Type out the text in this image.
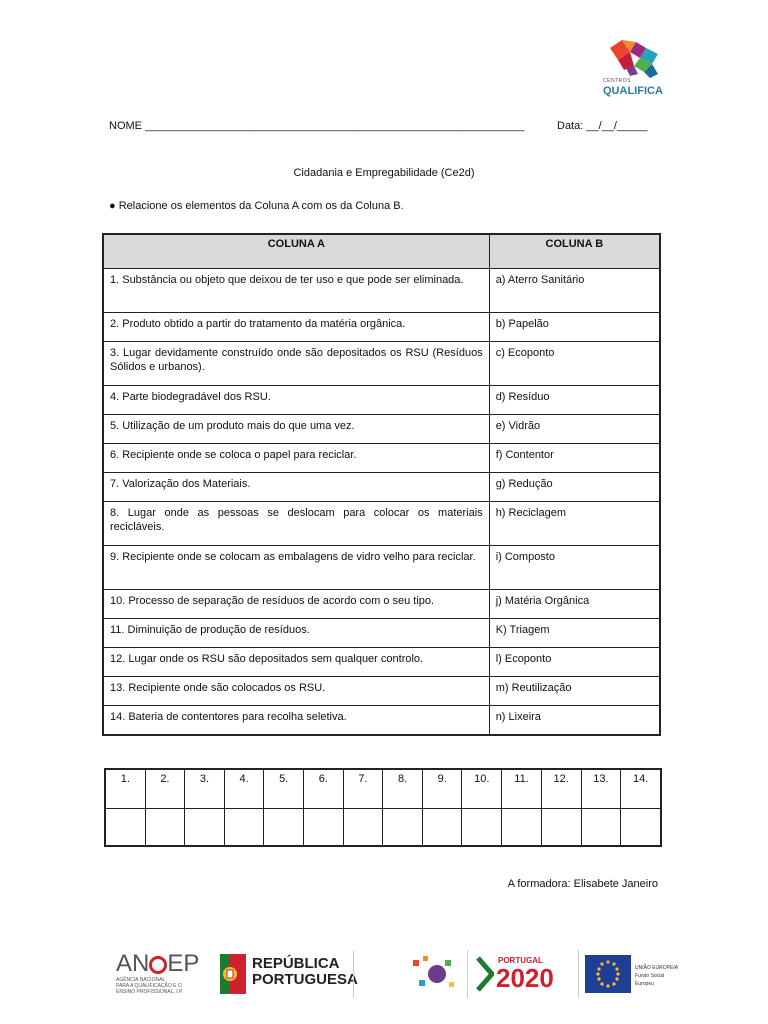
CENTROS
QUALIFICA
NOME ______________________________________________________________	Data: __/__/_____
Cidadania e Empregabilidade (Ce2d)
● Relacione os elementos da Coluna A com os da Coluna B.
COLUNA A	COLUNA B
1. Substância ou objeto que deixou de ter uso e que pode ser eliminada.	a) Aterro Sanitário
2. Produto obtido a partir do tratamento da matéria orgânica.	b) Papelão
3. Lugar devidamente construído onde são depositados os RSU (Resíduos Sólidos e urbanos).	c) Ecoponto
4. Parte biodegradável dos RSU.	d) Resíduo
5. Utilização de um produto mais do que uma vez.	e) Vidrão
6. Recipiente onde se coloca o papel para reciclar.	f) Contentor
7. Valorização dos Materiais.	g) Redução
8. Lugar onde as pessoas se deslocam para colocar os materiais recicláveis.	h) Reciclagem
9. Recipiente onde se colocam as embalagens de vidro velho para reciclar.	i) Composto
10. Processo de separação de resíduos de acordo com o seu tipo.	j) Matéria Orgânica
11. Diminuição de produção de resíduos.	K) Triagem
12. Lugar onde os RSU são depositados sem qualquer controlo.	l) Ecoponto
13. Recipiente onde são colocados os RSU.	m) Reutilização
14. Bateria de contentores para recolha seletiva.	n) Lixeira
1.	2.	3.	4.	5.	6.	7.	8.	9.	10.	11.	12.	13.	14.

A formadora: Elisabete Janeiro
AN EP
AGÊNCIA NACIONAL
PARA A QUALIFICAÇÃO E O
ENSINO PROFISSIONAL, I.P.
REPÚBLICA
PORTUGUESA
PORTUGAL
2020	UNIÃO EUROPEIA
Fundo Social Europeu
